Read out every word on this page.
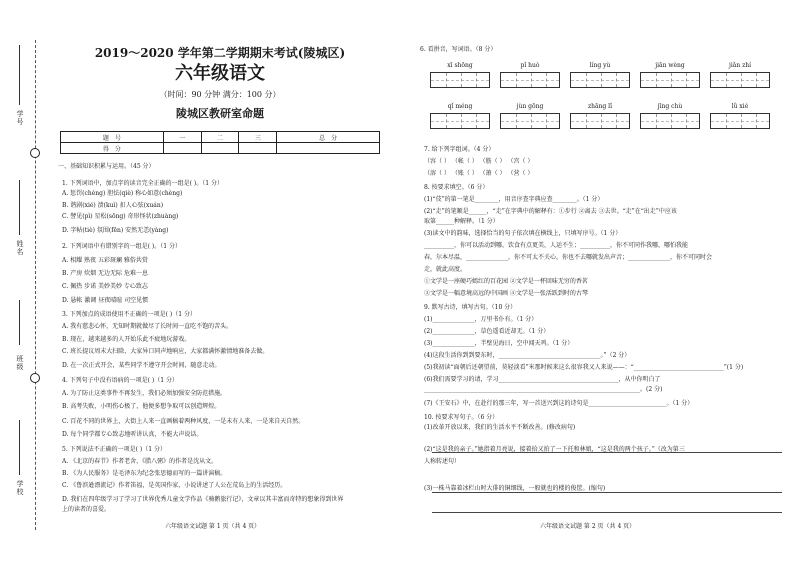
学 号
姓 名
班 级
学 校
2019～2020 学年第二学期期末考试(陵城区)
六年级语文
（时间：90 分钟 满分：100 分）
陵城区教研室命题
题　号	一	二	三	总　分
得　分				
一、基础知识积累与运用。（45 分）
1. 下列词语中，加点字的读音完全正确的一组是( )。（1 分）
A. 惩罚(chéng) 胆怯(qiè) 称心如意(chèng)
B. 谐剧(xié) 溃(kuì) 扣人心弦(xuán)
C. 譬见(pì) 星松(sōng) 奇形怪状(zhuàng)
D. 字帖(tiè) 氛围(fēn) 安然无恙(yàng)
2. 下列词语中有错别字的一组是( )。（1 分）
A. 相耀 熟夜 五彩斑斓 雅俗共赏
B. 产房 炊烟 无边无际 危难一息
C. 佩热 步诺 美妙美妙 专心致志
D. 悬帐 激调 昼夜晴暄 司空见惯
3. 下列加点的成语使用不正确的一项是( )（1 分）
A. 我有慈悲心怀，无知时期就做尽了长时间一直吃不饱的苦头。
B. 现在，越来越多的人开始乐此不疲地玩游戏。
C. 班长提议周末大扫除，大家异口同声地响应，大家都满怀激情地准备去做。
D. 在一次正式开会，某些同学不遵守开会时间，随意走动。
4. 下列句子中没有语病的一项是( )（1 分）
A. 为了防止这类事件不再发生，我们必须加强安全防范措施。
B. 高考失败，小明伤心极了，他便多想争取可以创造辉煌。
C. 百花不同的世界上，大街上人来一直画稿着两种风度，一是未有人来，一是来自天自然。
D. 每个同学都专心致志地听讲认真，不能大声说话。
5. 下列说法不正确的一项是( )（1 分）
A. 《北京的春节》作者老舍，《腊八粥》的作者是沈从文。
B. 《为人民服务》是毛泽东为纪念张思德而写的一篇讲演稿。
C. 《鲁滨逊漂流记》作者笛福，是英国作家，小说讲述了人公在荒岛上的生活经历。
D. 我们在四年级学习了学习了世界优秀儿童文学作品《骑鹅旅行记》，文章以其丰富而奇特的想象得到世界
上的读者的喜爱。
六年级语文试题 第 1 页（共 4 页）
6. 看拼音，写词语。（8 分）
xī shōng	pǐ huò	líng yù	jiān wèng	jiǎn zhí
qǐ méng	jùn gōng	zhāng lǐ	jīng chù	lǜ xié
7. 给下列字组词。（4 分）
（容（ ） （帐（ ） （筋（ ） （宫（ ）
（溶（ ） （账（ ） （箫（ ） （营（ ）
8. 按要求填空。（6 分）
(1)“伎”的第一笔是________，用音序查字典应查________。（1 分）
(2)“走”的笔顺是______，“走”在字典中的解释有：①步行 ②离去 ③去世。“走”在“出走”中应该
取第______种解释。（1 分）
(3)读文中的韵味，选择恰当的句子依次填在横线上，只填写序号。（1 分）
__________，你可以活动到哪，饮食有点更美，人运不生；__________，你不可同作我哪，哪怕我能
春，尔本尽温，______________，你不可太不关心，你也不去哪就发出声音；______________，你不可同时会
走，就此高度。
①文学是一座硬巧嫣红的百花园 ②文学是一杯回味无穷的香茗
③文学是一幅意境高远的中国画 ④文学是一张活跃到时的古琴
9. 默写古诗，填写古句。（10 分）
(1)______________，万里书仆有。（1 分）
(2)______________，草色遥看近却无。（1 分）
(3)______________，半壁见海日，空中闻天鸡。（1 分）
(4)这段生活你到到要东时，__________________________________。”（2 分）
(5)我初读“面朝后还朝望前，莫轻淡看”米那时候来这么很容我又人来说——：“______________________________”(1 分)
(6)我们需要学习的请，学习________________________________________，从中你明白了
________________________________________________________________________。(2 分)
(7)《王安石》中，在赴行的那三年，写一首送兴到这的诗句是__________________________。（1 分）
10. 按要求写句子。（6 分）
(1)改革开放以来，我们的生活水平不断改善。(修改病句)
(2)“这是我的亲子。”她指着月亮说，接着拾又拍了一下托和林娘，“这是我的两个孩子。”（改为第三
人称转述句）
(3)一株马靠着冰栏山时大俳的铜细线，一般就也的楼的俊筐。(缩句)
六年级语文试题 第 2 页（共 4 页）
